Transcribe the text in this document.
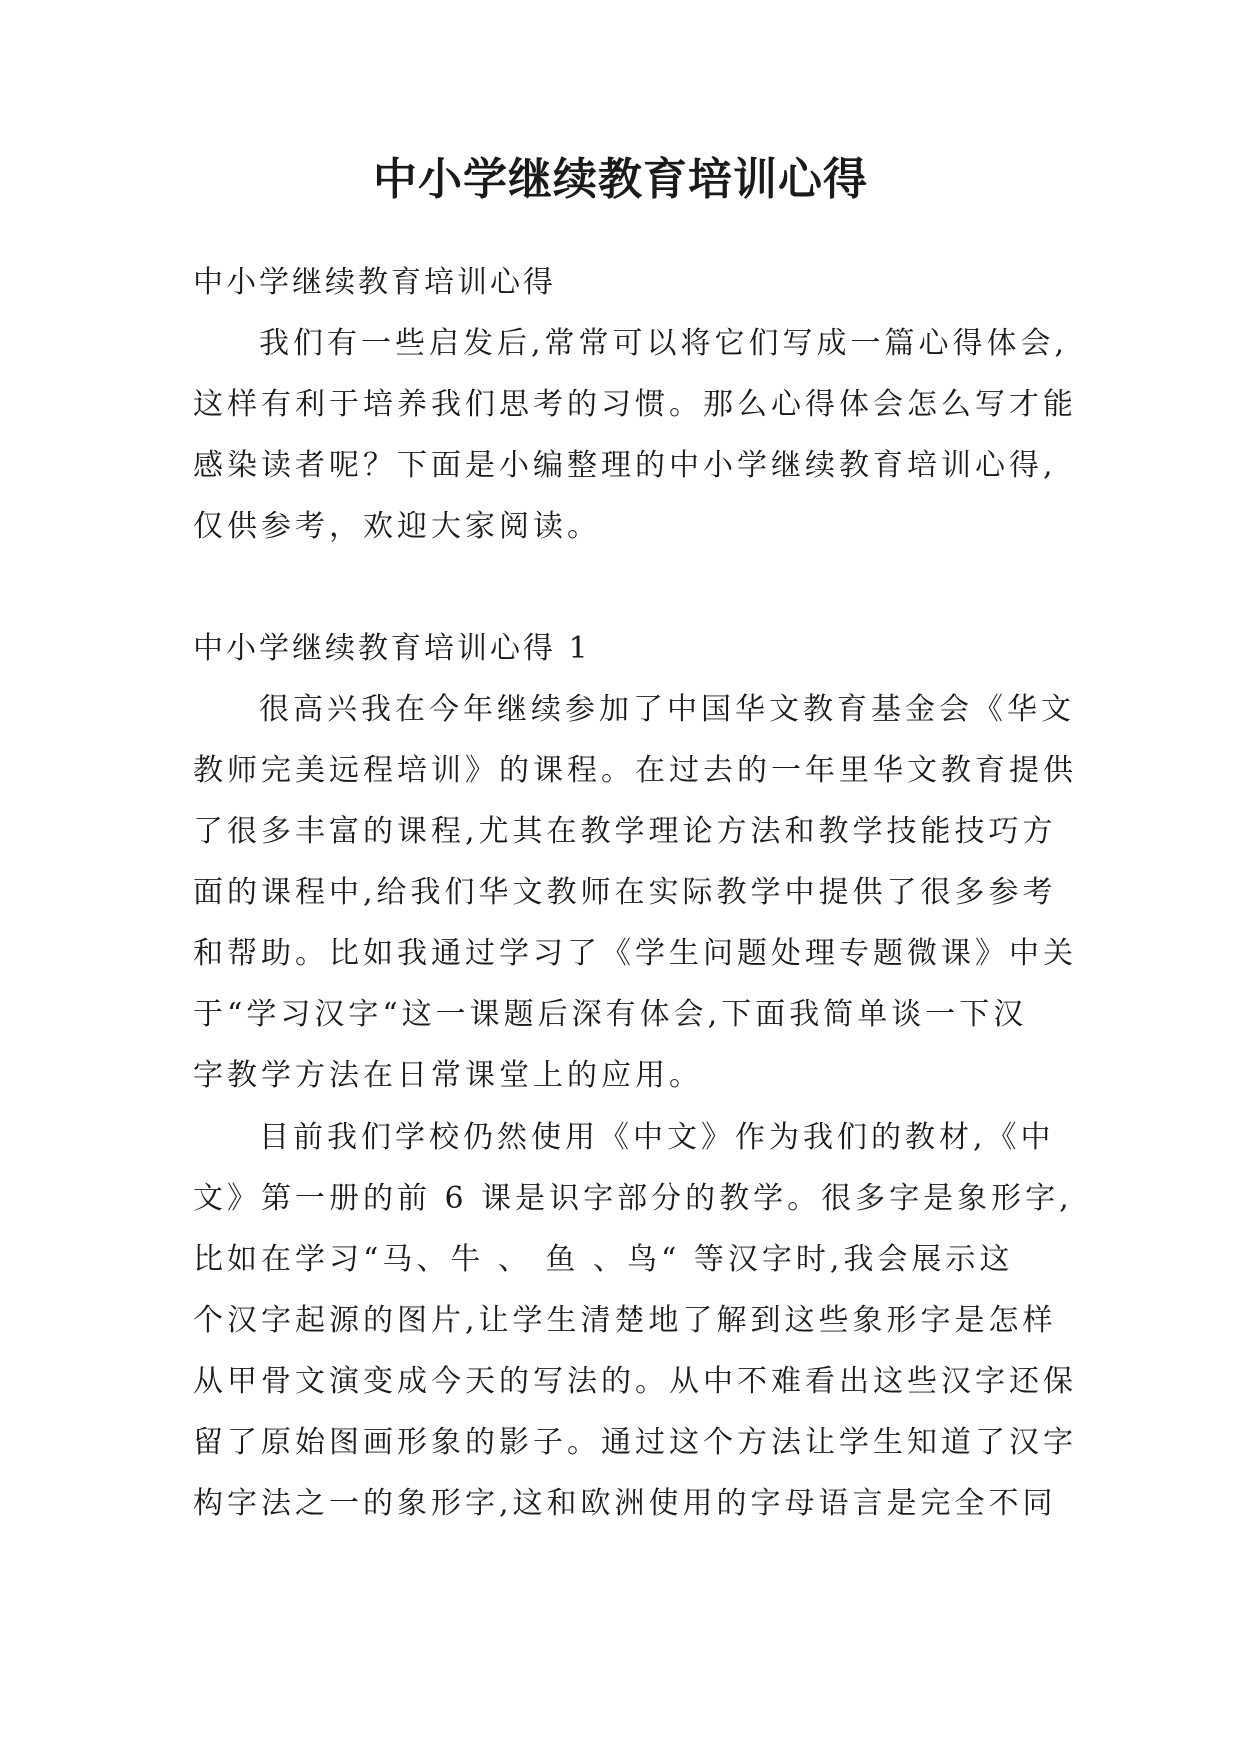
中小学继续教育培训心得

中小学继续教育培训心得

我们有一些启发后,常常可以将它们写成一篇心得体会,
这样有利于培养我们思考的习惯。那么心得体会怎么写才能
感染读者呢？下面是小编整理的中小学继续教育培训心得,
仅供参考，欢迎大家阅读。

中小学继续教育培训心得 1

很高兴我在今年继续参加了中国华文教育基金会《华文
教师完美远程培训》的课程。在过去的一年里华文教育提供
了很多丰富的课程,尤其在教学理论方法和教学技能技巧方
面的课程中,给我们华文教师在实际教学中提供了很多参考
和帮助。比如我通过学习了《学生问题处理专题微课》中关
于“学习汉字“这一课题后深有体会,下面我简单谈一下汉
字教学方法在日常课堂上的应用。
目前我们学校仍然使用《中文》作为我们的教材,《中
文》第一册的前 6 课是识字部分的教学。很多字是象形字,
比如在学习“马、牛 、 鱼 、鸟“ 等汉字时,我会展示这
个汉字起源的图片,让学生清楚地了解到这些象形字是怎样
从甲骨文演变成今天的写法的。从中不难看出这些汉字还保
留了原始图画形象的影子。通过这个方法让学生知道了汉字
构字法之一的象形字,这和欧洲使用的字母语言是完全不同
